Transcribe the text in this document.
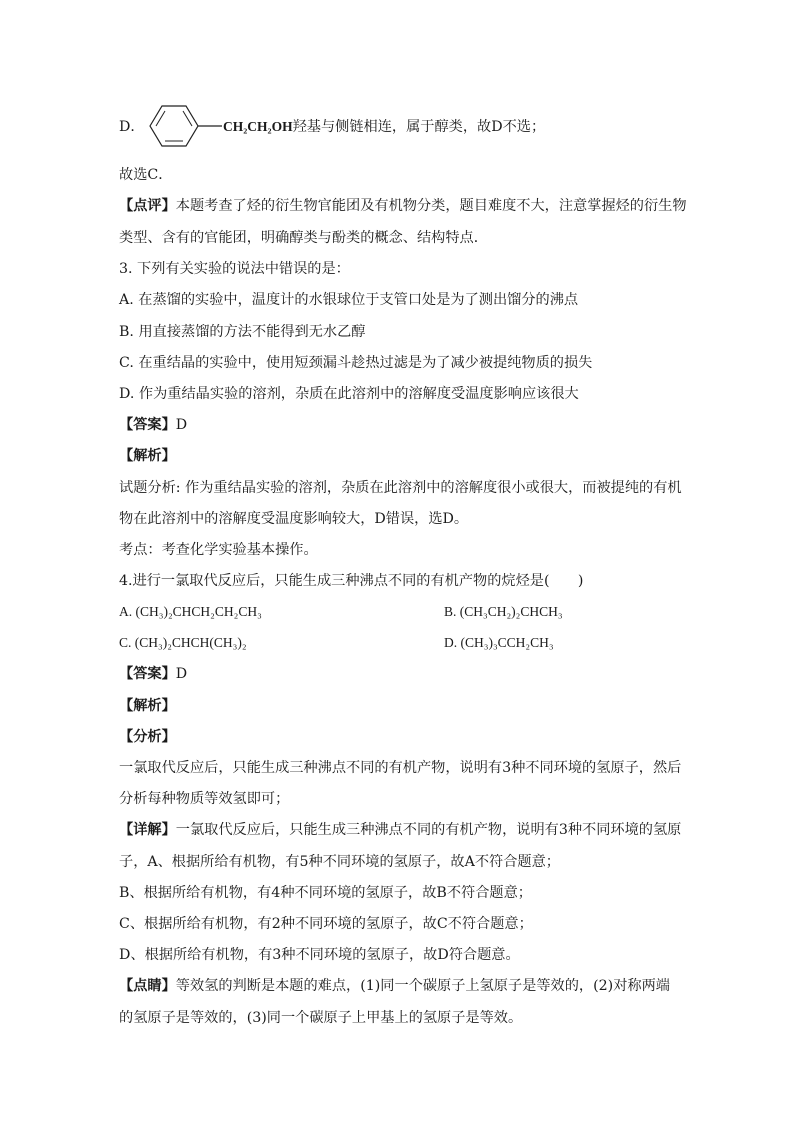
D．	CH₂CH₂OH羟基与侧链相连，属于醇类，故D不选；
故选C．
【点评】本题考查了烃的衍生物官能团及有机物分类，题目难度不大，注意掌握烃的衍生物
类型、含有的官能团，明确醇类与酚类的概念、结构特点．
3. 下列有关实验的说法中错误的是：
A. 在蒸馏的实验中，温度计的水银球位于支管口处是为了测出馏分的沸点
B. 用直接蒸馏的方法不能得到无水乙醇
C. 在重结晶的实验中，使用短颈漏斗趁热过滤是为了减少被提纯物质的损失
D. 作为重结晶实验的溶剂，杂质在此溶剂中的溶解度受温度影响应该很大
【答案】D
【解析】
试题分析: 作为重结晶实验的溶剂，杂质在此溶剂中的溶解度很小或很大，而被提纯的有机
物在此溶剂中的溶解度受温度影响较大，D错误，选D。
考点：考查化学实验基本操作。
4.进行一氯取代反应后，只能生成三种沸点不同的有机产物的烷烃是(　　)
A. (CH₃)₂CHCH₂CH₂CH₃	B. (CH₃CH₂)₂CHCH₃
C. (CH₃)₂CHCH(CH₃)₂	D. (CH₃)₃CCH₂CH₃
【答案】D
【解析】
【分析】
一氯取代反应后，只能生成三种沸点不同的有机产物，说明有3种不同环境的氢原子，然后
分析每种物质等效氢即可；
【详解】一氯取代反应后，只能生成三种沸点不同的有机产物，说明有3种不同环境的氢原
子，A、根据所给有机物，有5种不同环境的氢原子，故A不符合题意；
B、根据所给有机物，有4种不同环境的氢原子，故B不符合题意；
C、根据所给有机物，有2种不同环境的氢原子，故C不符合题意；
D、根据所给有机物，有3种不同环境的氢原子，故D符合题意。
【点睛】等效氢的判断是本题的难点，(1)同一个碳原子上氢原子是等效的，(2)对称两端
的氢原子是等效的，(3)同一个碳原子上甲基上的氢原子是等效。
